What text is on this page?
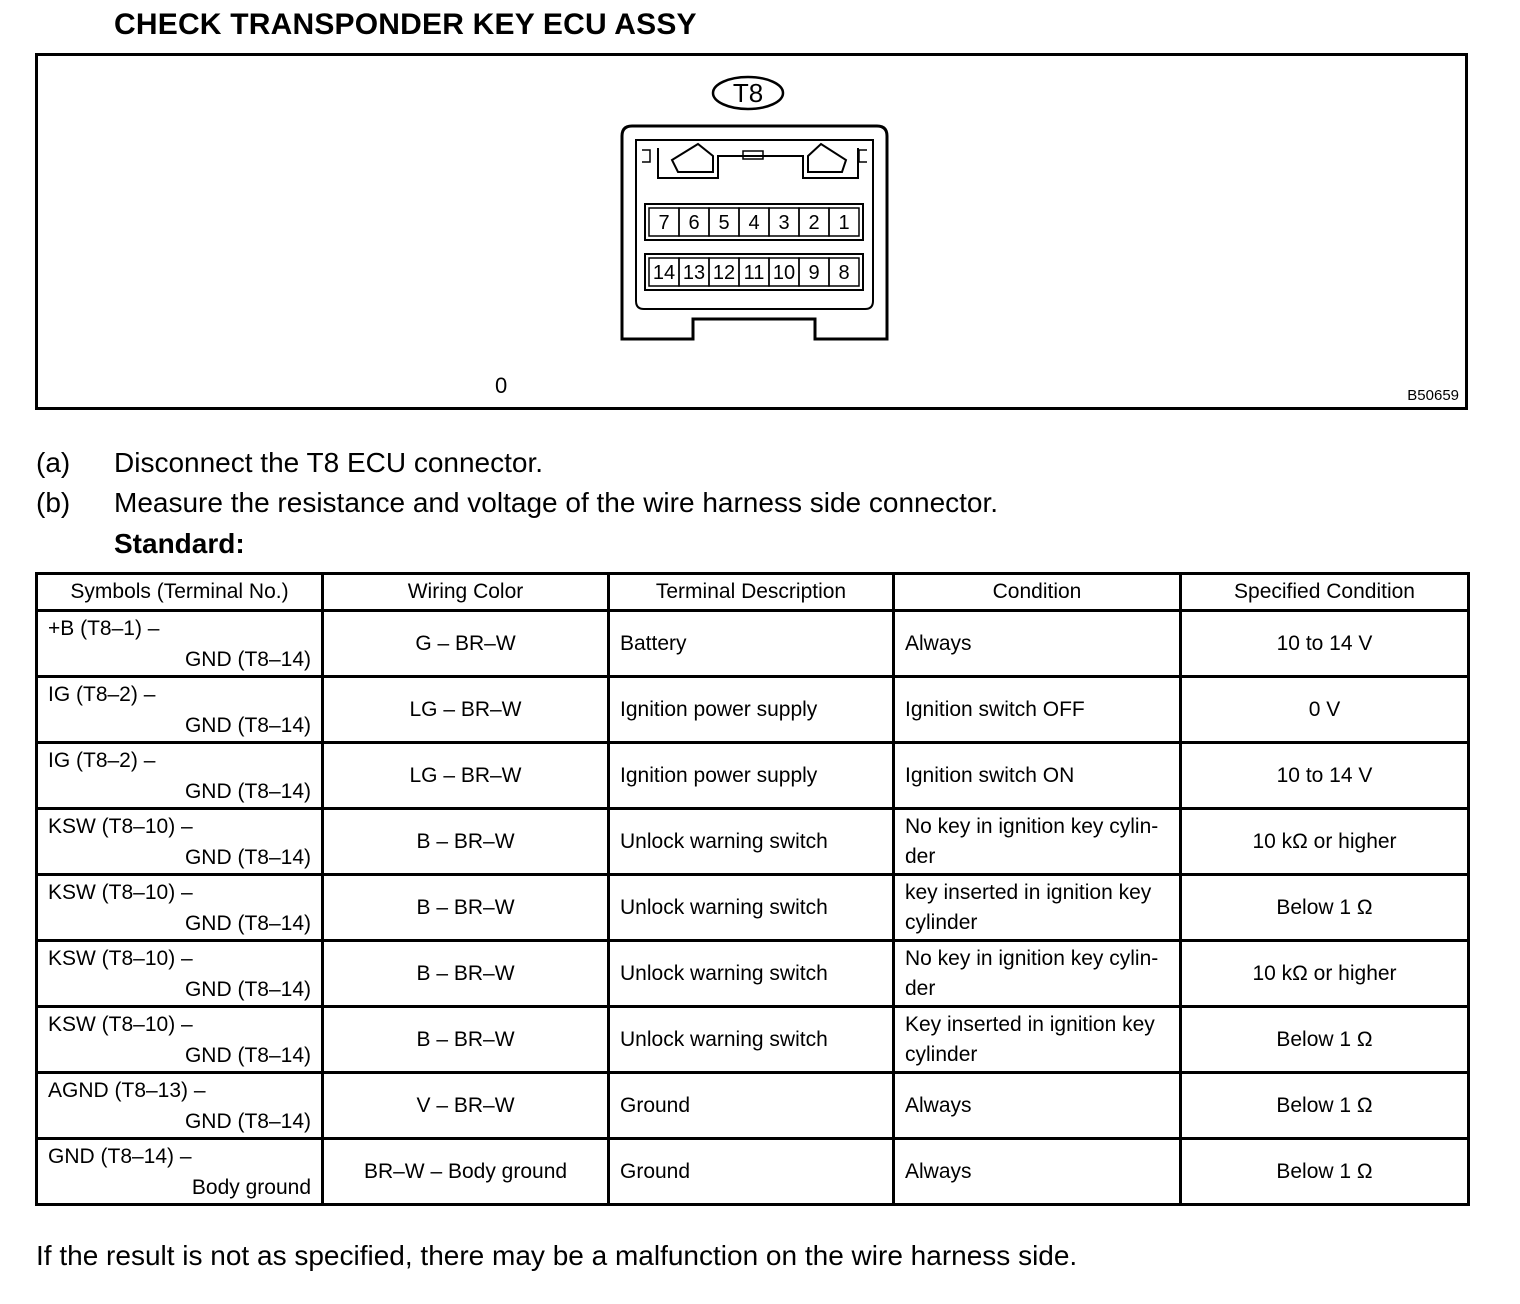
CHECK TRANSPONDER KEY ECU ASSY
T8
7 6 5 4 3 2 1
14 13 12 11 10 9 8
0	B50659
(a) Disconnect the T8 ECU connector.
(b) Measure the resistance and voltage of the wire harness side connector.
Standard:
Symbols (Terminal No.)	Wiring Color	Terminal Description	Condition	Specified Condition

+B (T8–1) –
GND (T8–14)	G – BR–W	Battery	Always	10 to 14 V

IG (T8–2) –
GND (T8–14)	LG – BR–W	Ignition power supply	Ignition switch OFF	0 V

IG (T8–2) –
GND (T8–14)	LG – BR–W	Ignition power supply	Ignition switch ON	10 to 14 V

KSW (T8–10) –
GND (T8–14)	B – BR–W	Unlock warning switch	No key in ignition key cylin-der	10 kΩ or higher

KSW (T8–10) –
GND (T8–14)	B – BR–W	Unlock warning switch	key inserted in ignition key cylinder	Below 1 Ω

KSW (T8–10) –
GND (T8–14)	B – BR–W	Unlock warning switch	No key in ignition key cylin-der	10 kΩ or higher

KSW (T8–10) –
GND (T8–14)	B – BR–W	Unlock warning switch	Key inserted in ignition key cylinder	Below 1 Ω

AGND (T8–13) –
GND (T8–14)	V – BR–W	Ground	Always	Below 1 Ω

GND (T8–14) –
Body ground	BR–W – Body ground	Ground	Always	Below 1 Ω
If the result is not as specified, there may be a malfunction on the wire harness side.
